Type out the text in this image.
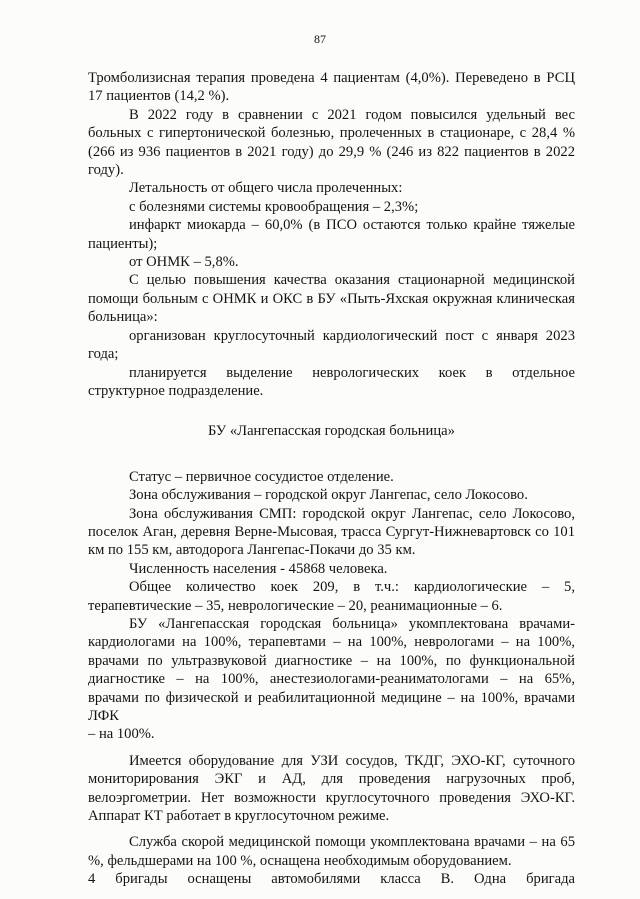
87

Тромболизисная терапия проведена 4 пациентам (4,0%). Переведено в РСЦ 17 пациентов (14,2 %).

В 2022 году в сравнении с 2021 годом повысился удельный вес больных с гипертонической болезнью, пролеченных в стационаре, с 28,4 % (266 из 936 пациентов в 2021 году) до 29,9 % (246 из 822 пациентов в 2022 году).

Летальность от общего числа пролеченных:

с болезнями системы кровообращения – 2,3%;

инфаркт миокарда – 60,0% (в ПСО остаются только крайне тяжелые пациенты);

от ОНМК – 5,8%.

С целью повышения качества оказания стационарной медицинской помощи больным с ОНМК и ОКС в БУ «Пыть-Яхская окружная клиническая больница»:

организован круглосуточный кардиологический пост с января 2023 года;

планируется выделение неврологических коек в отдельное структурное подразделение.

БУ «Лангепасская городская больница»

Статус – первичное сосудистое отделение.

Зона обслуживания – городской округ Лангепас, село Локосово.

Зона обслуживания СМП: городской округ Лангепас, село Локосово, поселок Аган, деревня Верне-Мысовая, трасса Сургут-Нижневартовск со 101 км по 155 км, автодорога Лангепас-Покачи до 35 км.

Численность населения - 45868 человека.

Общее количество коек 209, в т.ч.: кардиологические – 5, терапевтические – 35, неврологические – 20, реанимационные – 6.

БУ «Лангепасская городская больница» укомплектована врачами-кардиологами на 100%, терапевтами – на 100%, неврологами – на 100%, врачами по ультразвуковой диагностике – на 100%, по функциональной диагностике – на 100%, анестезиологами-реаниматологами – на 65%, врачами по физической и реабилитационной медицине – на 100%, врачами ЛФК

– на 100%.

Имеется оборудование для УЗИ сосудов, ТКДГ, ЭХО-КГ, суточного мониторирования ЭКГ и АД, для проведения нагрузочных проб, велоэргометрии. Нет возможности круглосуточного проведения ЭХО-КГ. Аппарат КТ работает в круглосуточном режиме.

Служба скорой медицинской помощи укомплектована врачами – на 65 %, фельдшерами на 100 %, оснащена необходимым оборудованием.

4 бригады оснащены автомобилями класса В. Одна бригада
